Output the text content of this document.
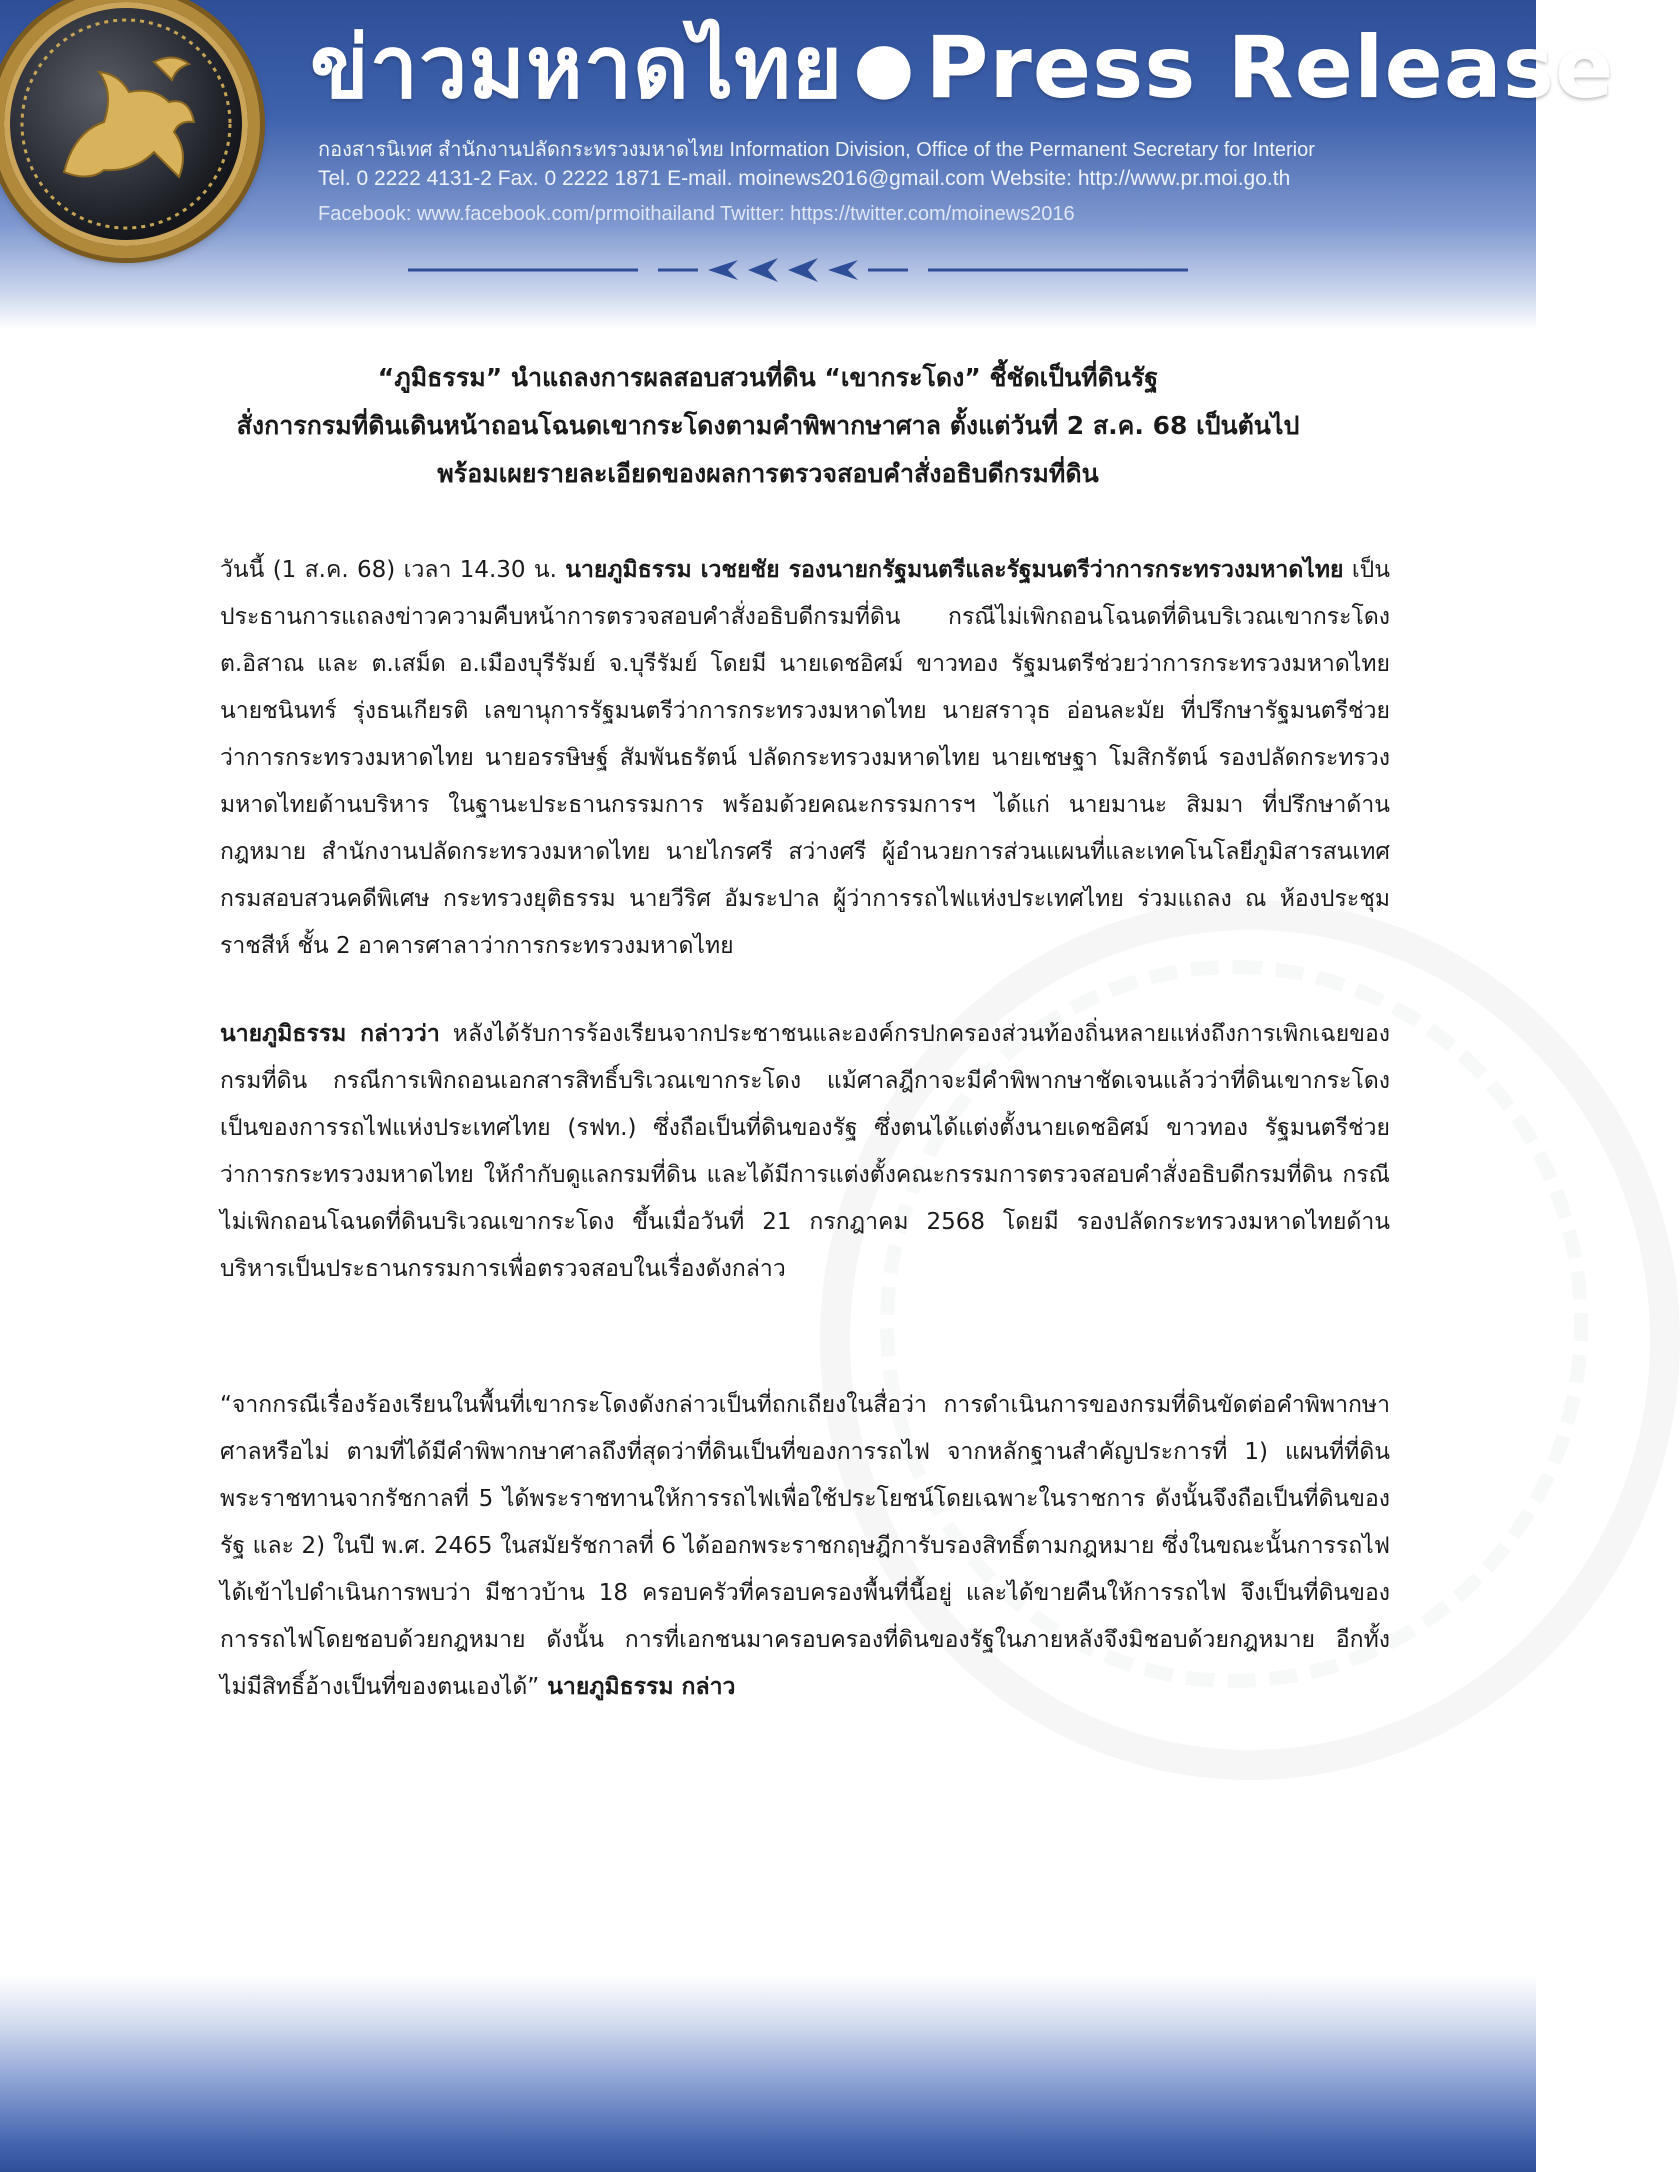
ข่าวมหาดไทย ● Press Release
กองสารนิเทศ สำนักงานปลัดกระทรวงมหาดไทย Information Division, Office of the Permanent Secretary for Interior
Tel. 0 2222 4131-2 Fax. 0 2222 1871 E-mail. moinews2016@gmail.com Website: http://www.pr.moi.go.th
Facebook: www.facebook.com/prmoithailand Twitter: https://twitter.com/moinews2016
“ภูมิธรรม” นำแถลงการผลสอบสวนที่ดิน “เขากระโดง” ชี้ชัดเป็นที่ดินรัฐ
สั่งการกรมที่ดินเดินหน้าถอนโฉนดเขากระโดงตามคำพิพากษาศาล ตั้งแต่วันที่ 2 ส.ค. 68 เป็นต้นไป
พร้อมเผยรายละเอียดของผลการตรวจสอบคำสั่งอธิบดีกรมที่ดิน
วันนี้ (1 ส.ค. 68) เวลา 14.30 น. นายภูมิธรรม เวชยชัย รองนายกรัฐมนตรีและรัฐมนตรีว่าการกระทรวงมหาดไทย เป็นประธานการแถลงข่าวความคืบหน้าการตรวจสอบคำสั่งอธิบดีกรมที่ดิน กรณีไม่เพิกถอนโฉนดที่ดินบริเวณเขากระโดง ต.อิสาณ และ ต.เสม็ด อ.เมืองบุรีรัมย์ จ.บุรีรัมย์ โดยมี นายเดชอิศม์ ขาวทอง รัฐมนตรีช่วยว่าการกระทรวงมหาดไทย นายชนินทร์ รุ่งธนเกียรติ เลขานุการรัฐมนตรีว่าการกระทรวงมหาดไทย นายสราวุธ อ่อนละมัย ที่ปรึกษารัฐมนตรีช่วยว่าการกระทรวงมหาดไทย นายอรรษิษฐ์ สัมพันธรัตน์ ปลัดกระทรวงมหาดไทย นายเชษฐา โมสิกรัตน์ รองปลัดกระทรวงมหาดไทยด้านบริหาร ในฐานะประธานกรรมการ พร้อมด้วยคณะกรรมการฯ ได้แก่ นายมานะ สิมมา ที่ปรึกษาด้านกฎหมาย สำนักงานปลัดกระทรวงมหาดไทย นายไกรศรี สว่างศรี ผู้อำนวยการส่วนแผนที่และเทคโนโลยีภูมิสารสนเทศ กรมสอบสวนคดีพิเศษ กระทรวงยุติธรรม นายวีริศ อัมระปาล ผู้ว่าการรถไฟแห่งประเทศไทย ร่วมแถลง ณ ห้องประชุมราชสีห์ ชั้น 2 อาคารศาลาว่าการกระทรวงมหาดไทย
นายภูมิธรรม กล่าวว่า หลังได้รับการร้องเรียนจากประชาชนและองค์กรปกครองส่วนท้องถิ่นหลายแห่งถึงการเพิกเฉยของกรมที่ดิน กรณีการเพิกถอนเอกสารสิทธิ์บริเวณเขากระโดง แม้ศาลฎีกาจะมีคำพิพากษาชัดเจนแล้วว่าที่ดินเขากระโดงเป็นของการรถไฟแห่งประเทศไทย (รฟท.) ซึ่งถือเป็นที่ดินของรัฐ ซึ่งตนได้แต่งตั้งนายเดชอิศม์ ขาวทอง รัฐมนตรีช่วยว่าการกระทรวงมหาดไทย ให้กำกับดูแลกรมที่ดิน และได้มีการแต่งตั้งคณะกรรมการตรวจสอบคำสั่งอธิบดีกรมที่ดิน กรณีไม่เพิกถอนโฉนดที่ดินบริเวณเขากระโดง ขึ้นเมื่อวันที่ 21 กรกฎาคม 2568 โดยมี รองปลัดกระทรวงมหาดไทยด้านบริหารเป็นประธานกรรมการเพื่อตรวจสอบในเรื่องดังกล่าว
“จากกรณีเรื่องร้องเรียนในพื้นที่เขากระโดงดังกล่าวเป็นที่ถกเถียงในสื่อว่า การดำเนินการของกรมที่ดินขัดต่อคำพิพากษาศาลหรือไม่ ตามที่ได้มีคำพิพากษาศาลถึงที่สุดว่าที่ดินเป็นที่ของการรถไฟ จากหลักฐานสำคัญประการที่ 1) แผนที่ที่ดินพระราชทานจากรัชกาลที่ 5 ได้พระราชทานให้การรถไฟเพื่อใช้ประโยชน์โดยเฉพาะในราชการ ดังนั้นจึงถือเป็นที่ดินของรัฐ และ 2) ในปี พ.ศ. 2465 ในสมัยรัชกาลที่ 6 ได้ออกพระราชกฤษฎีการับรองสิทธิ์ตามกฎหมาย ซึ่งในขณะนั้นการรถไฟได้เข้าไปดำเนินการพบว่า มีชาวบ้าน 18 ครอบครัวที่ครอบครองพื้นที่นี้อยู่ และได้ขายคืนให้การรถไฟ จึงเป็นที่ดินของการรถไฟโดยชอบด้วยกฎหมาย ดังนั้น การที่เอกชนมาครอบครองที่ดินของรัฐในภายหลังจึงมิชอบด้วยกฎหมาย อีกทั้งไม่มีสิทธิ์อ้างเป็นที่ของตนเองได้” นายภูมิธรรม กล่าว
